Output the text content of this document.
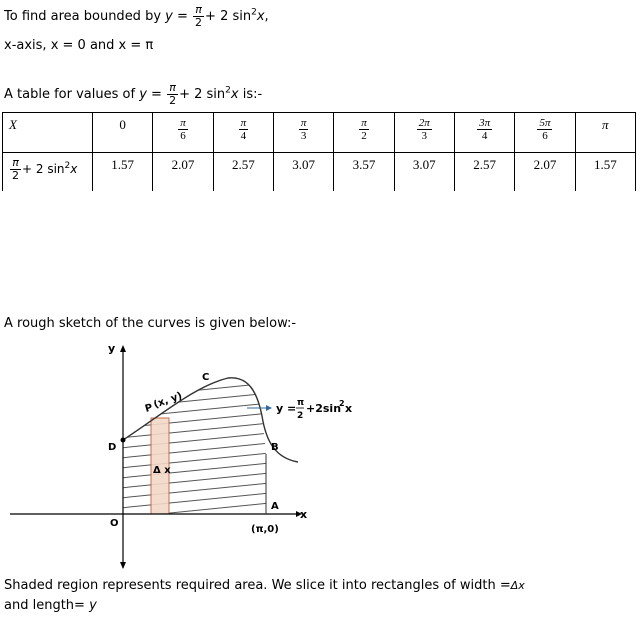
To find area bounded by $y = \frac{\pi}{2} + 2$ $\sin^2x$,
x-axis, x = 0 and x = π
A table for values of $y = \frac{\pi}{2} + 2$ $\sin^2x$ is:-
X	0	$\frac{\pi}{6}$	$\frac{\pi}{4}$	$\frac{\pi}{3}$	$\frac{\pi}{2}$	$\frac{2\pi}{3}$	$\frac{3\pi}{4}$	$\frac{5\pi}{6}$	π

$\frac{\pi}{2} + 2$ $\sin^2x$	1.57	2.07	2.57	3.07	3.57	3.07	2.57	2.07	1.57
A rough sketch of the curves is given below:-
y
x
O
D
C
B
A
P
(x, y)
Δ x
(π,0)
y = π
2
+2sin
2 x
Shaded region represents required area. We slice it into rectangles of width =Δx
and length= y
